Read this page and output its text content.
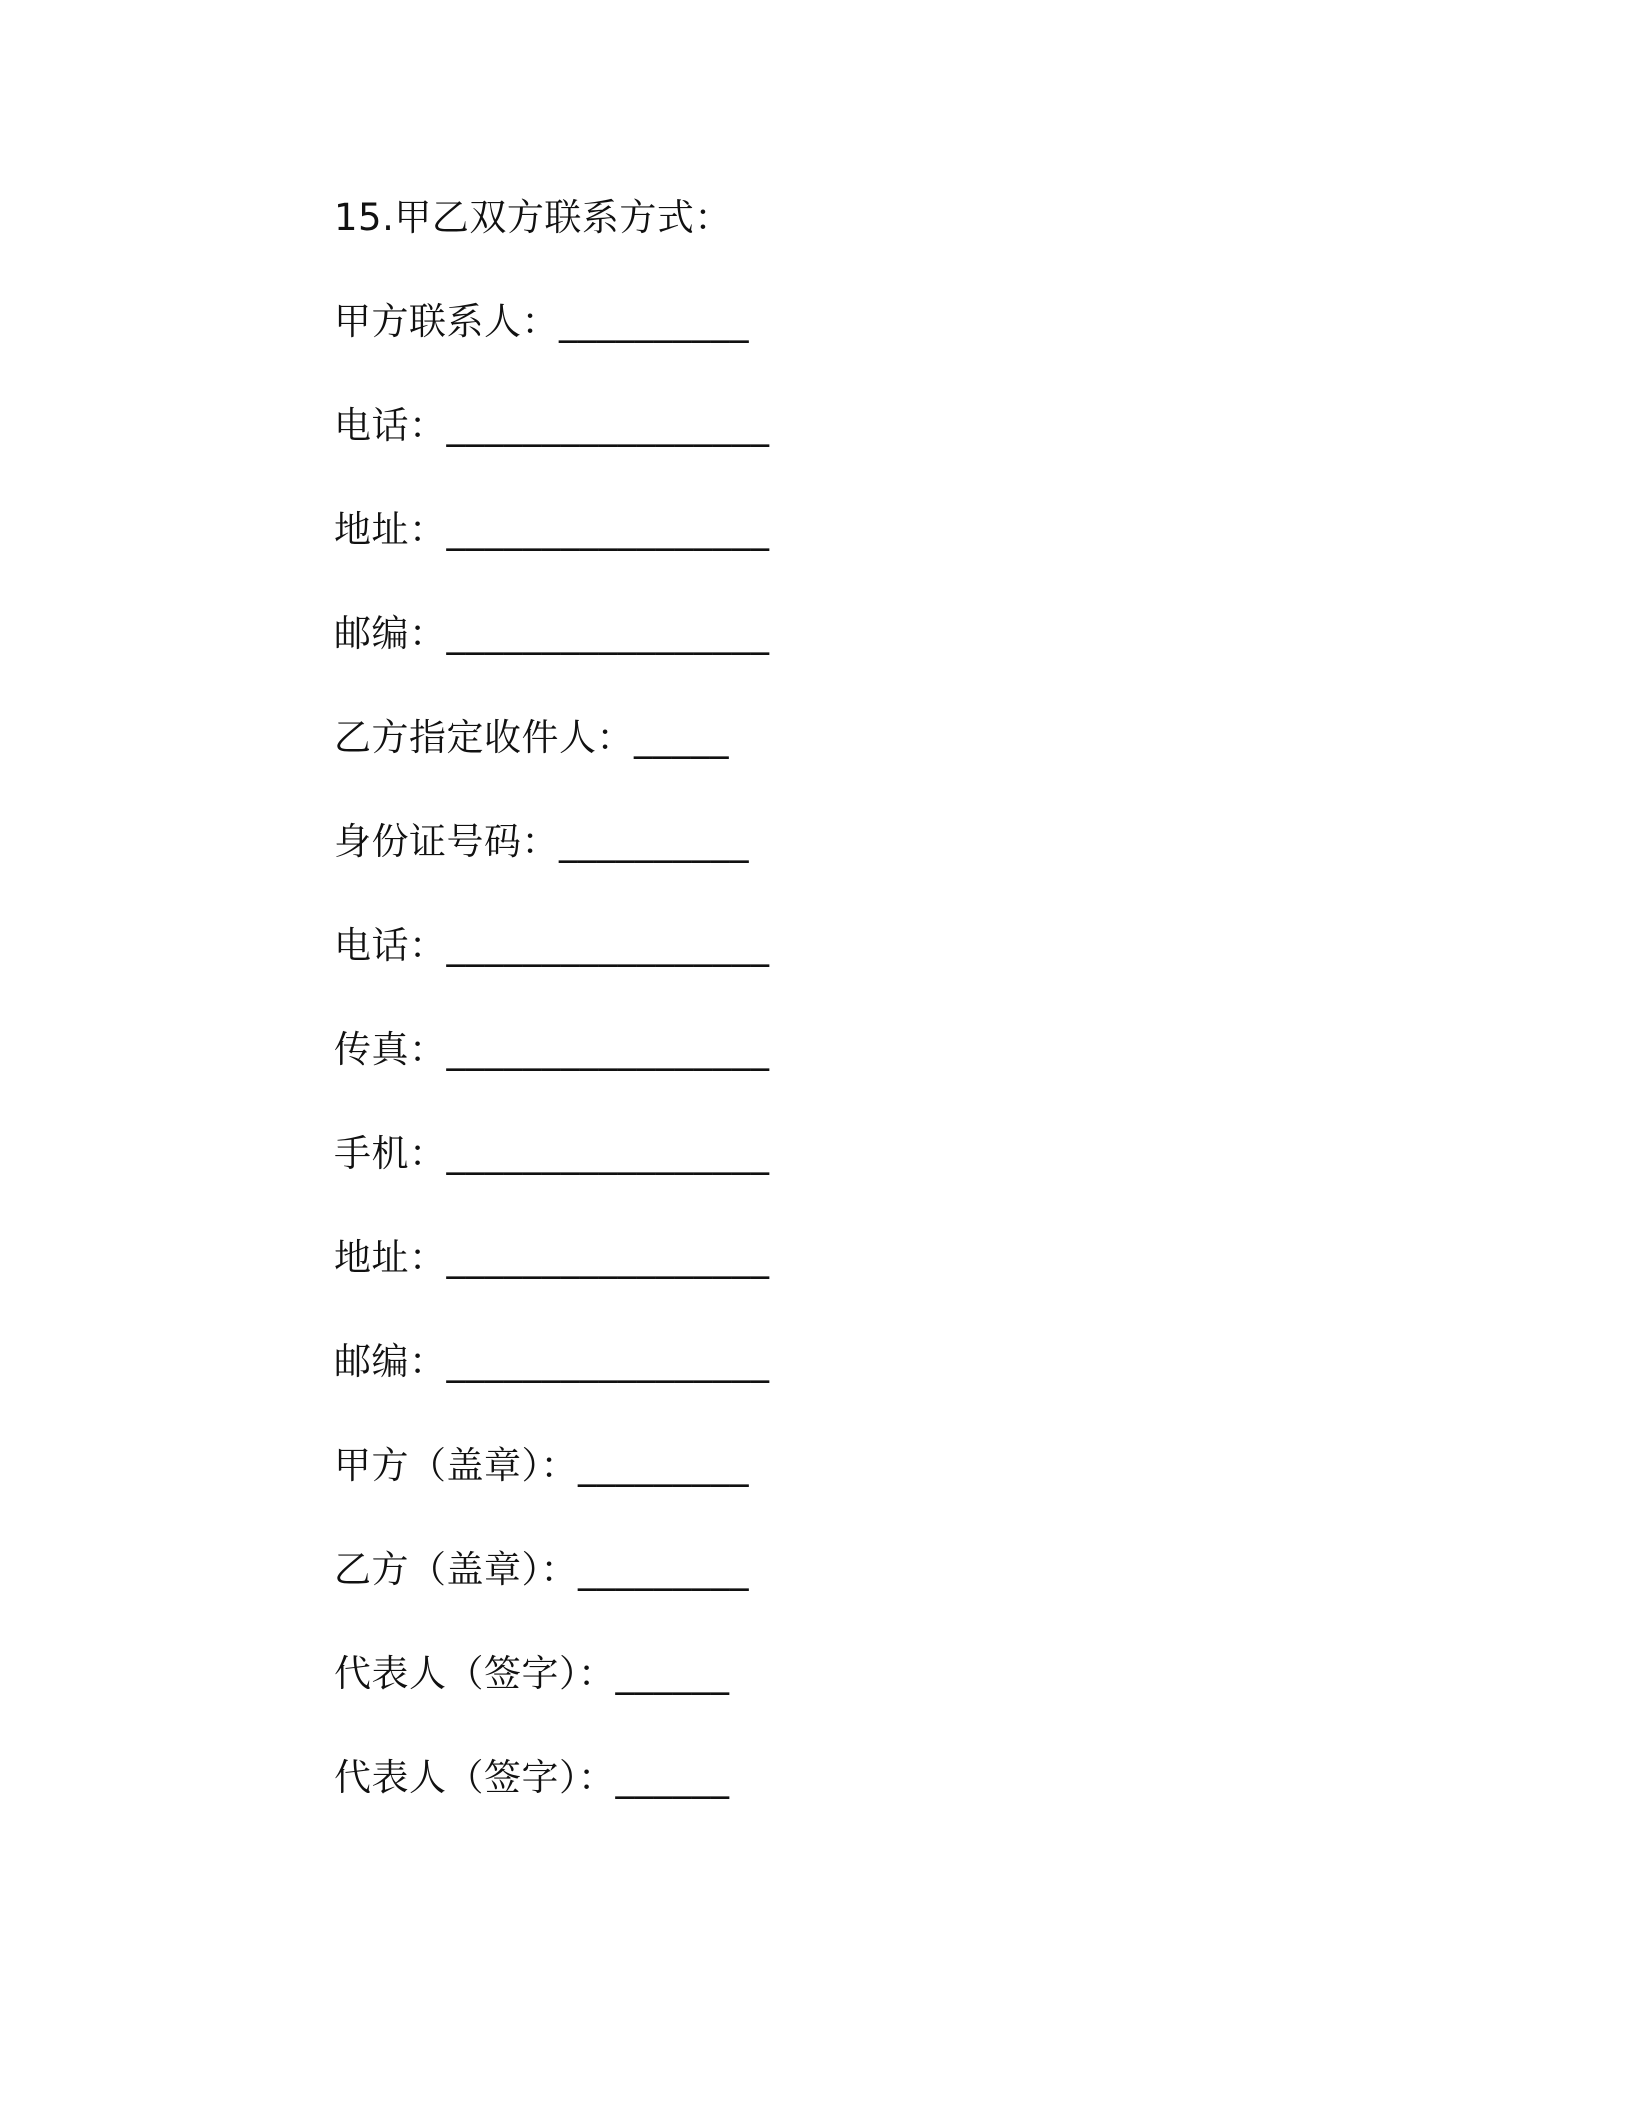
15.甲乙双方联系方式：
甲方联系人：__________
电话：_________________
地址：_________________
邮编：_________________
乙方指定收件人：_____
身份证号码：__________
电话：_________________
传真：_________________
手机：_________________
地址：_________________
邮编：_________________
甲方（盖章）：_________
乙方（盖章）：_________
代表人（签字）：______
代表人（签字）：______
